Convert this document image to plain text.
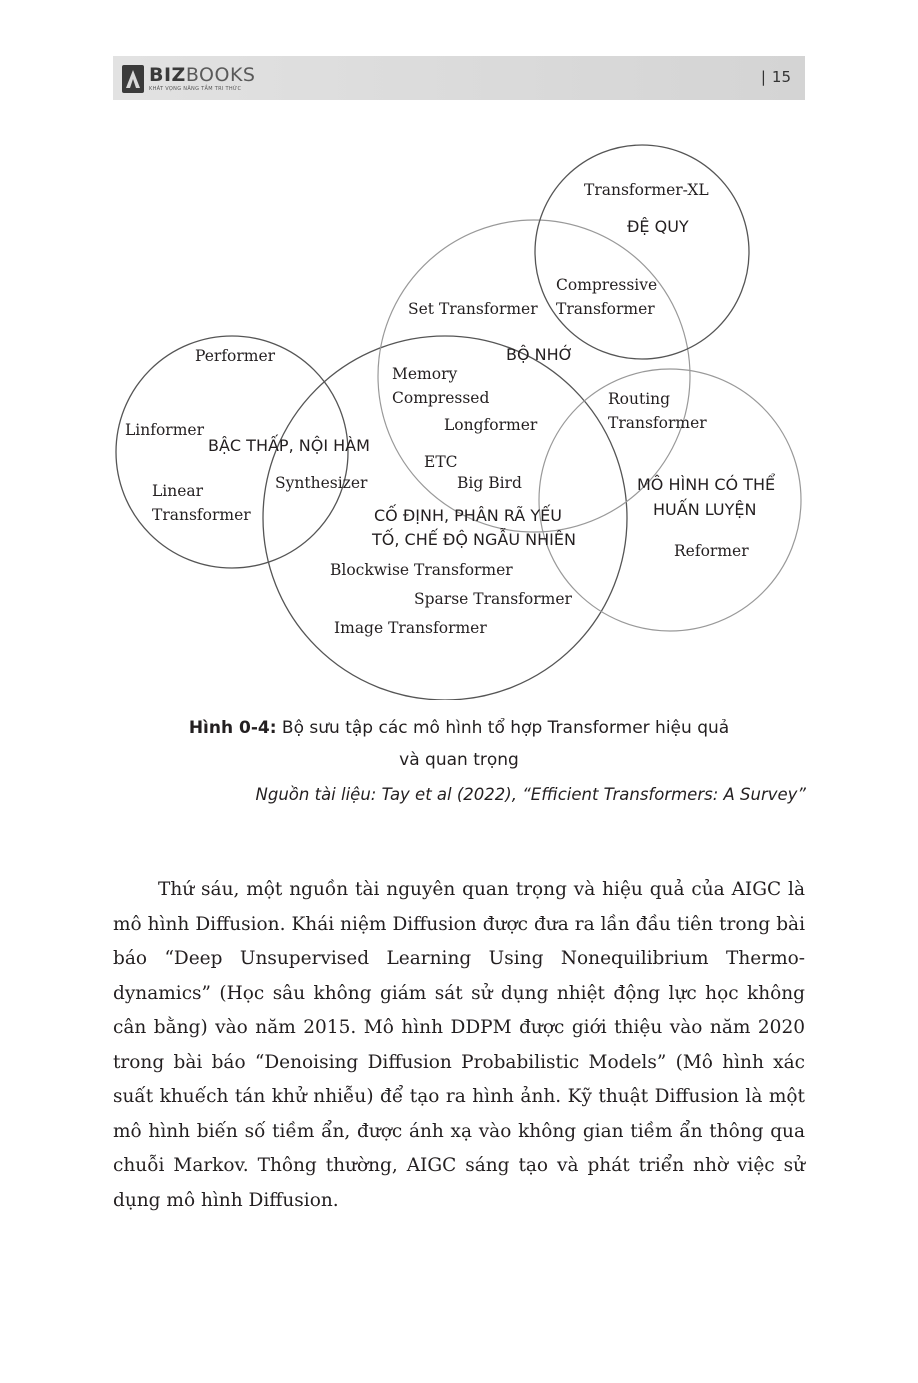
BIZBOOKS
KHÁT VỌNG NÂNG TẦM TRI THỨC
| 15
Transformer-XL
ĐỆ QUY
Compressive
Transformer
Set Transformer
BỘ NHỚ
Performer
Memory
Compressed	Routing
Transformer
Longformer
Linformer
BẬC THẤP, NỘI HÀM
ETC
Synthesizer	Big Bird	MÔ HÌNH CÓ THỂ
Linear
CỐ ĐỊNH, PHÂN RÃ YẾU
Transformer	HUẤN LUYỆN
TỐ, CHẾ ĐỘ NGẪU NHIÊN
Reformer
Blockwise Transformer
Sparse Transformer
Image Transformer
Hình 0-4: Bộ sưu tập các mô hình tổ hợp Transformer hiệu quả
và quan trọng
Nguồn tài liệu: Tay et al (2022), “Efficient Transformers: A Survey”

Thứ sáu, một nguồn tài nguyên quan trọng và hiệu quả của AIGC là mô hình Diffusion. Khái niệm Diffusion được đưa ra lần đầu tiên trong bài báo “Deep Unsupervised Learning Using Nonequilibrium Thermo-dynamics” (Học sâu không giám sát sử dụng nhiệt động lực học không cân bằng) vào năm 2015. Mô hình DDPM được giới thiệu vào năm 2020 trong bài báo “Denoising Diffusion Probabilistic Models” (Mô hình xác suất khuếch tán khử nhiễu) để tạo ra hình ảnh. Kỹ thuật Diffusion là một mô hình biến số tiềm ẩn, được ánh xạ vào không gian tiềm ẩn thông qua chuỗi Markov. Thông thường, AIGC sáng tạo và phát triển nhờ việc sử dụng mô hình Diffusion.
